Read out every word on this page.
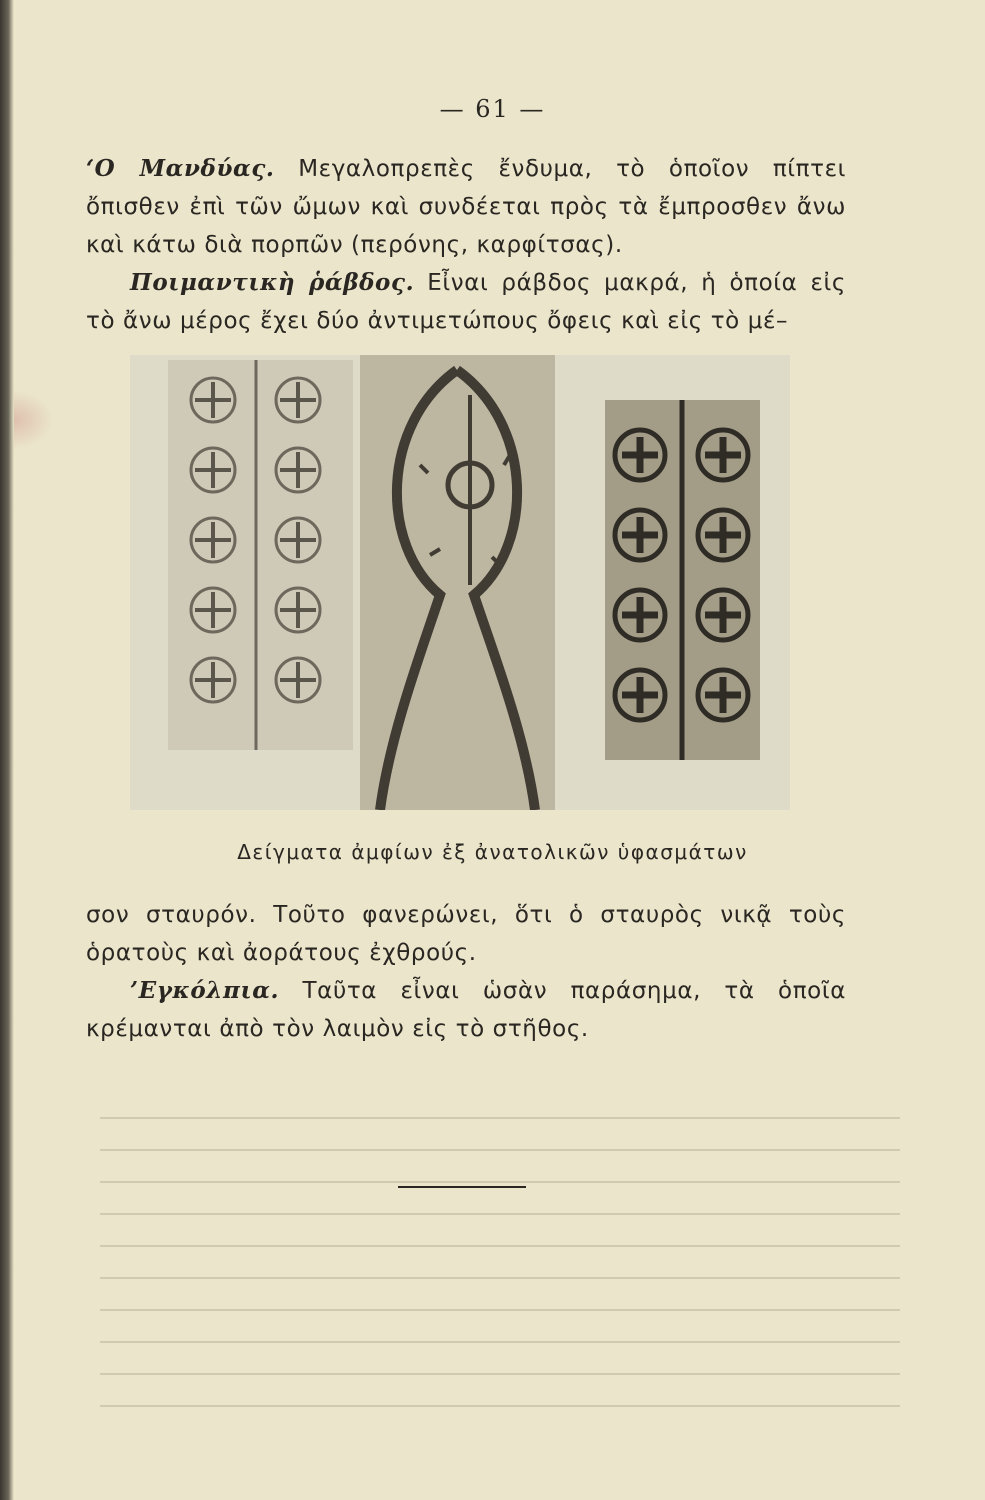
— 61 —

‘Ο Μανδύας. Μεγαλοπρεπὲς ἔνδυμα, τὸ ὁποῖον πίπτει ὄπισθεν ἐπὶ τῶν ὤμων καὶ συνδέεται πρὸς τὰ ἔμπροσθεν ἄνω καὶ κάτω διὰ πορπῶν (περόνης, καρφίτσας).

Ποιμαντικὴ ῥάβδος. Εἶναι ράβδος μακρά, ἡ ὁποία εἰς τὸ ἄνω μέρος ἔχει δύο ἀντιμετώπους ὄφεις καὶ εἰς τὸ μέ–

Δείγματα ἀμφίων ἐξ ἀνατολικῶν ὑφασμάτων

σον σταυρόν. Τοῦτο φανερώνει, ὅτι ὁ σταυρὸς νικᾷ τοὺς ὁρατοὺς καὶ ἀοράτους ἐχθρούς.

’Εγκόλπια. Ταῦτα εἶναι ὡσὰν παράσημα, τὰ ὁποῖα κρέμανται ἀπὸ τὸν λαιμὸν εἰς τὸ στῆθος.
